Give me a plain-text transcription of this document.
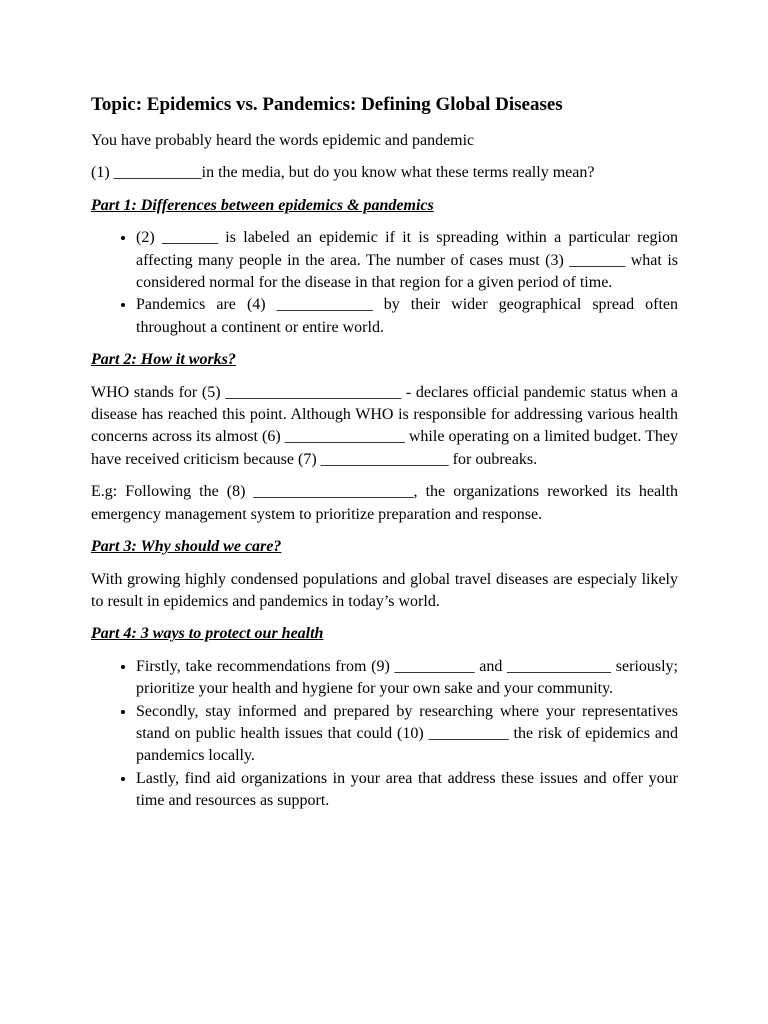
Topic: Epidemics vs. Pandemics: Defining Global Diseases

You have probably heard the words epidemic and pandemic

(1) ___________in the media, but do you know what these terms really mean?

Part 1: Differences between epidemics & pandemics
• (2) _______ is labeled an epidemic if it is spreading within a particular region affecting many people in the area. The number of cases must (3) _______ what is considered normal for the disease in that region for a given period of time.
• Pandemics are (4) ____________ by their wider geographical spread often throughout a continent or entire world.
Part 2: How it works?

WHO stands for (5) ______________________ - declares official pandemic status when a disease has reached this point. Although WHO is responsible for addressing various health concerns across its almost (6) _______________ while operating on a limited budget. They have received criticism because (7) ________________ for oubreaks.

E.g: Following the (8) ____________________, the organizations reworked its health emergency management system to prioritize preparation and response.

Part 3: Why should we care?

With growing highly condensed populations and global travel diseases are especialy likely to result in epidemics and pandemics in today’s world.

Part 4: 3 ways to protect our health
• Firstly, take recommendations from (9) __________ and _____________ seriously; prioritize your health and hygiene for your own sake and your community.
• Secondly, stay informed and prepared by researching where your representatives stand on public health issues that could (10) __________ the risk of epidemics and pandemics locally.
• Lastly, find aid organizations in your area that address these issues and offer your time and resources as support.
